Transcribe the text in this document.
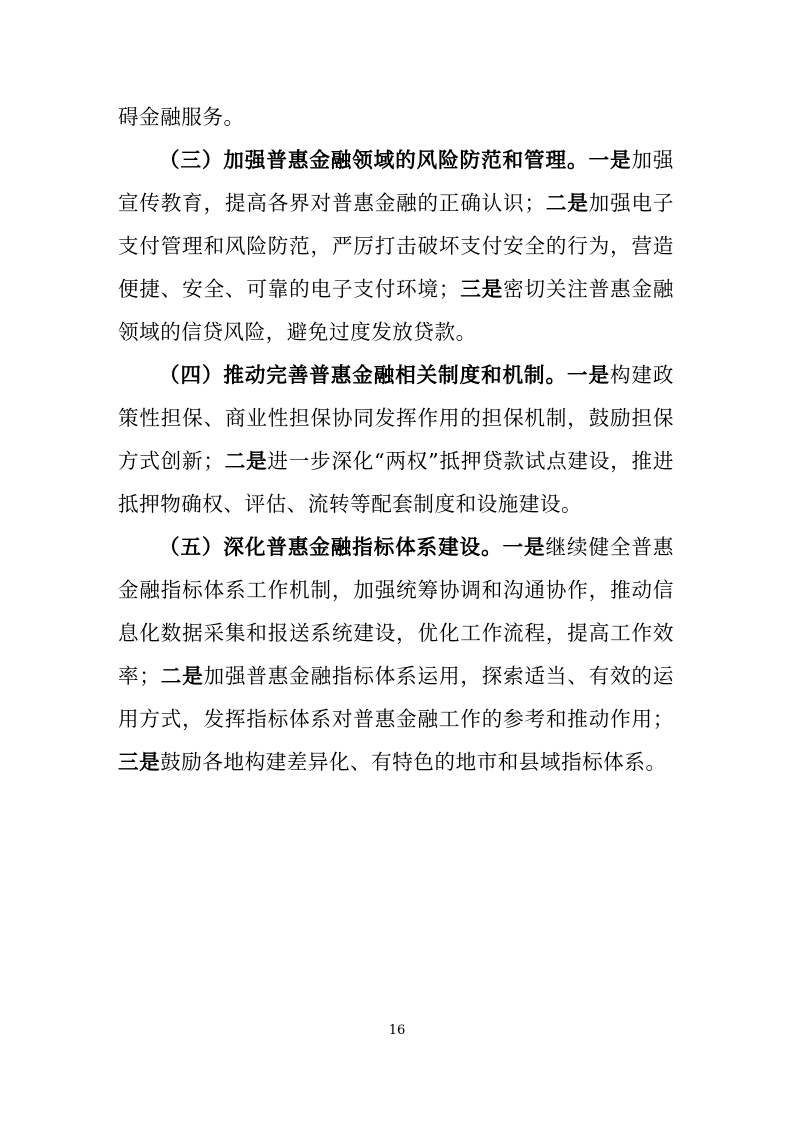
碍金融服务。

（三）加强普惠金融领域的风险防范和管理。一是加强宣传教育，提高各界对普惠金融的正确认识；二是加强电子支付管理和风险防范，严厉打击破坏支付安全的行为，营造便捷、安全、可靠的电子支付环境；三是密切关注普惠金融领域的信贷风险，避免过度发放贷款。

（四）推动完善普惠金融相关制度和机制。一是构建政策性担保、商业性担保协同发挥作用的担保机制，鼓励担保方式创新；二是进一步深化“两权”抵押贷款试点建设，推进抵押物确权、评估、流转等配套制度和设施建设。

（五）深化普惠金融指标体系建设。一是继续健全普惠金融指标体系工作机制，加强统筹协调和沟通协作，推动信息化数据采集和报送系统建设，优化工作流程，提高工作效率；二是加强普惠金融指标体系运用，探索适当、有效的运用方式，发挥指标体系对普惠金融工作的参考和推动作用；三是鼓励各地构建差异化、有特色的地市和县域指标体系。

16
